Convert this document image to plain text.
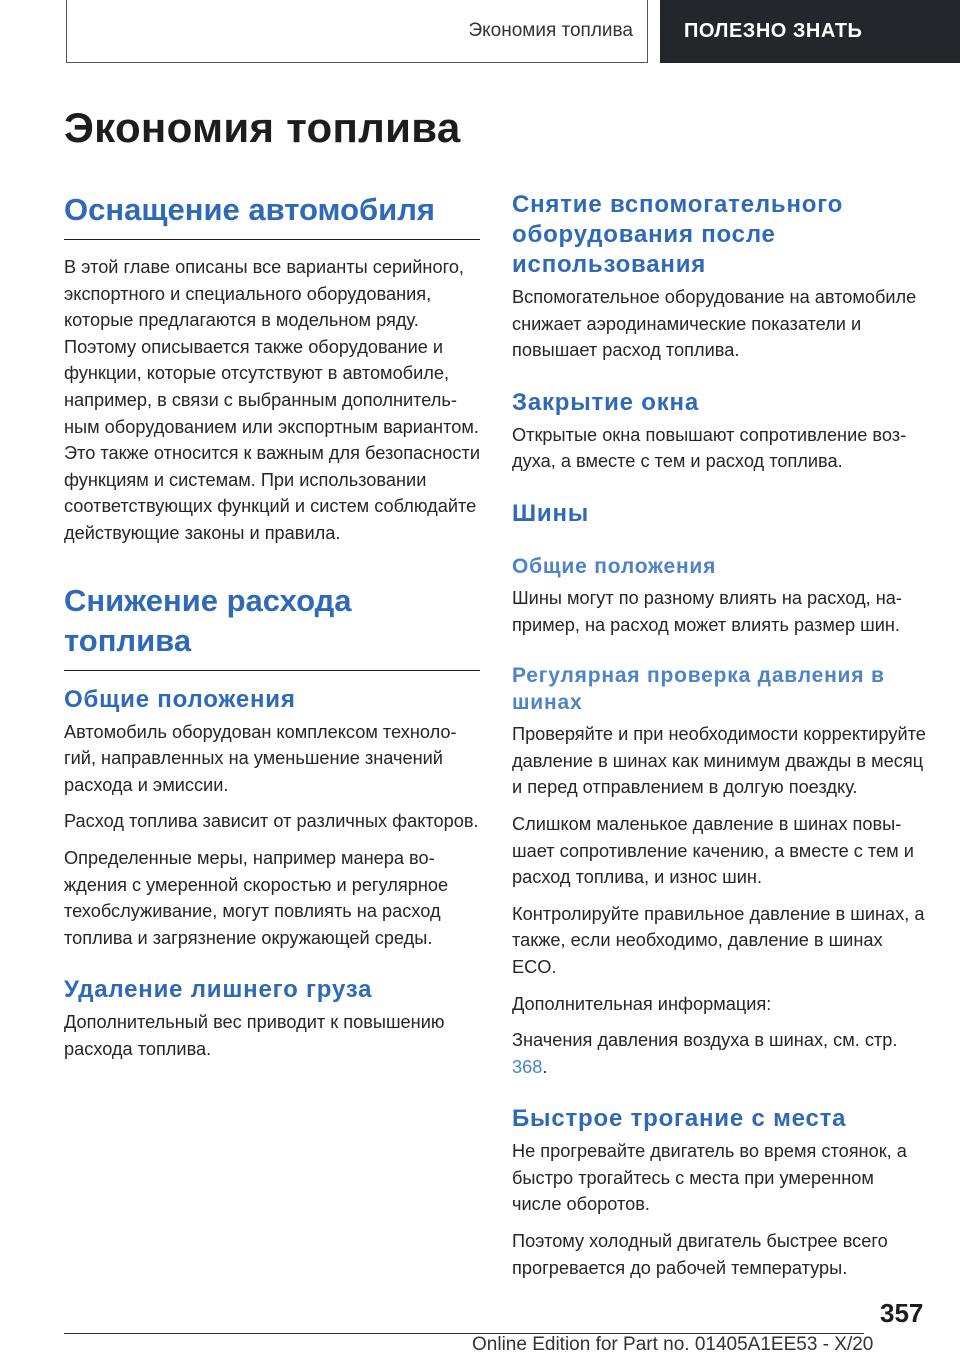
Экономия топлива	ПОЛЕЗНО ЗНАТЬ
Экономия топлива
Оснащение автомобиля

В этой главе описаны все варианты серийного, экспортного и специального оборудования, которые предлагаются в модельном ряду. Поэтому описывается также оборудование и функции, которые отсутствуют в автомобиле, например, в связи с выбранным дополнительным оборудованием или экспортным вариантом. Это также относится к важным для безопасности функциям и системам. При использовании соответствующих функций и систем соблюдайте действующие законы и правила.

Снижение расхода топлива
Общие положения

Автомобиль оборудован комплексом технологий, направленных на уменьшение значений расхода и эмиссии.

Расход топлива зависит от различных факторов.

Определенные меры, например манера вождения с умеренной скоростью и регулярное техобслуживание, могут повлиять на расход топлива и загрязнение окружающей среды.

Удаление лишнего груза

Дополнительный вес приводит к повышению расхода топлива.

Снятие вспомогательного оборудования после использования

Вспомогательное оборудование на автомобиле снижает аэродинамические показатели и повышает расход топлива.

Закрытие окна

Открытые окна повышают сопротивление воздуха, а вместе с тем и расход топлива.

Шины
Общие положения

Шины могут по разному влиять на расход, например, на расход может влиять размер шин.

Регулярная проверка давления в шинах

Проверяйте и при необходимости корректируйте давление в шинах как минимум дважды в месяц и перед отправлением в долгую поездку.

Слишком маленькое давление в шинах повышает сопротивление качению, а вместе с тем и расход топлива, и износ шин.

Контролируйте правильное давление в шинах, а также, если необходимо, давление в шинах ECO.

Дополнительная информация:

Значения давления воздуха в шинах, см. стр. 368.

Быстрое трогание с места

Не прогревайте двигатель во время стоянок, а быстро трогайтесь с места при умеренном числе оборотов.

Поэтому холодный двигатель быстрее всего прогревается до рабочей температуры.

357
Online Edition for Part no. 01405A1EE53 - X/20
